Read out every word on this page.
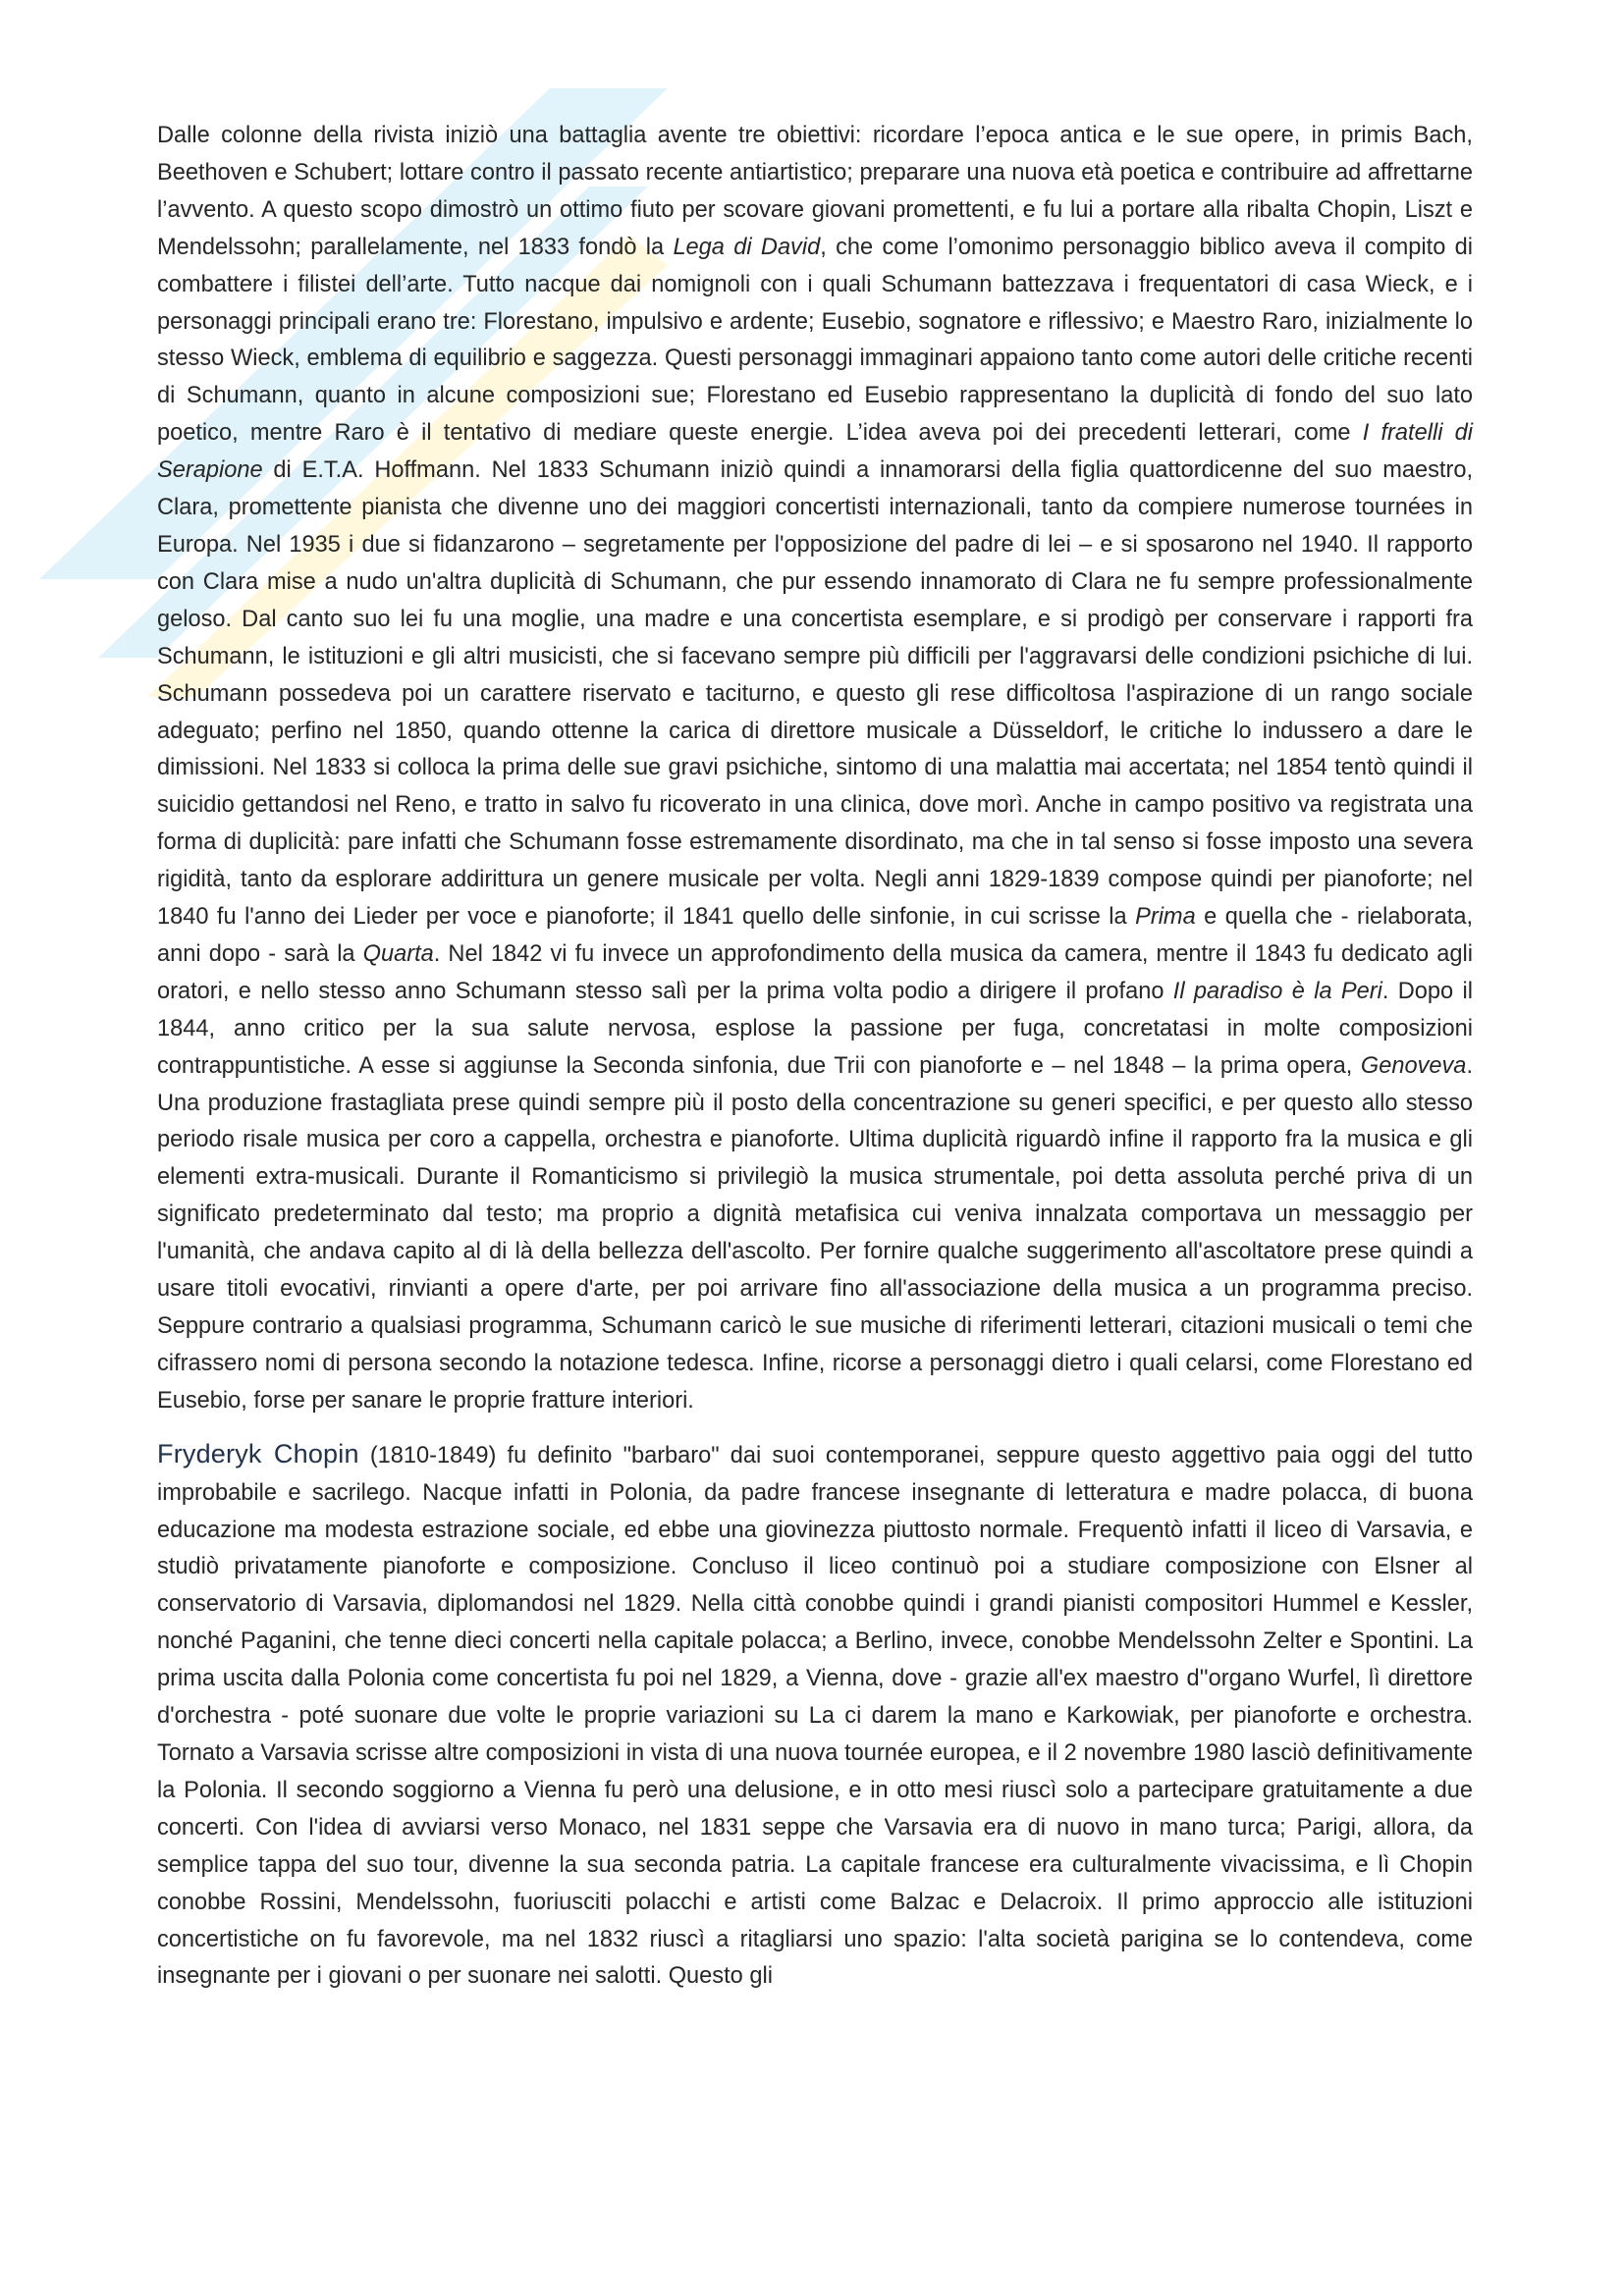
Dalle colonne della rivista iniziò una battaglia avente tre obiettivi: ricordare l’epoca antica e le sue opere, in primis Bach, Beethoven e Schubert; lottare contro il passato recente antiartistico; preparare una nuova età poetica e contribuire ad affrettarne l’avvento. A questo scopo dimostrò un ottimo fiuto per scovare giovani promettenti, e fu lui a portare alla ribalta Chopin, Liszt e Mendelssohn; parallelamente, nel 1833 fondò la Lega di David, che come l’omonimo personaggio biblico aveva il compito di combattere i filistei dell’arte. Tutto nacque dai nomignoli con i quali Schumann battezzava i frequentatori di casa Wieck, e i personaggi principali erano tre: Florestano, impulsivo e ardente; Eusebio, sognatore e riflessivo; e Maestro Raro, inizialmente lo stesso Wieck, emblema di equilibrio e saggezza. Questi personaggi immaginari appaiono tanto come autori delle critiche recenti di Schumann, quanto in alcune composizioni sue; Florestano ed Eusebio rappresentano la duplicità di fondo del suo lato poetico, mentre Raro è il tentativo di mediare queste energie. L’idea aveva poi dei precedenti letterari, come I fratelli di Serapione di E.T.A. Hoffmann. Nel 1833 Schumann iniziò quindi a innamorarsi della figlia quattordicenne del suo maestro, Clara, promettente pianista che divenne uno dei maggiori concertisti internazionali, tanto da compiere numerose tournées in Europa. Nel 1935 i due si fidanzarono – segretamente per l'opposizione del padre di lei – e si sposarono nel 1940. Il rapporto con Clara mise a nudo un'altra duplicità di Schumann, che pur essendo innamorato di Clara ne fu sempre professionalmente geloso. Dal canto suo lei fu una moglie, una madre e una concertista esemplare, e si prodigò per conservare i rapporti fra Schumann, le istituzioni e gli altri musicisti, che si facevano sempre più difficili per l'aggravarsi delle condizioni psichiche di lui. Schumann possedeva poi un carattere riservato e taciturno, e questo gli rese difficoltosa l'aspirazione di un rango sociale adeguato; perfino nel 1850, quando ottenne la carica di direttore musicale a Düsseldorf, le critiche lo indussero a dare le dimissioni. Nel 1833 si colloca la prima delle sue gravi psichiche, sintomo di una malattia mai accertata; nel 1854 tentò quindi il suicidio gettandosi nel Reno, e tratto in salvo fu ricoverato in una clinica, dove morì. Anche in campo positivo va registrata una forma di duplicità: pare infatti che Schumann fosse estremamente disordinato, ma che in tal senso si fosse imposto una severa rigidità, tanto da esplorare addirittura un genere musicale per volta. Negli anni 1829-1839 compose quindi per pianoforte; nel 1840 fu l'anno dei Lieder per voce e pianoforte; il 1841 quello delle sinfonie, in cui scrisse la Prima e quella che - rielaborata, anni dopo - sarà la Quarta. Nel 1842 vi fu invece un approfondimento della musica da camera, mentre il 1843 fu dedicato agli oratori, e nello stesso anno Schumann stesso salì per la prima volta podio a dirigere il profano Il paradiso è la Peri. Dopo il 1844, anno critico per la sua salute nervosa, esplose la passione per fuga, concretatasi in molte composizioni contrappuntistiche. A esse si aggiunse la Seconda sinfonia, due Trii con pianoforte e – nel 1848 – la prima opera, Genoveva. Una produzione frastagliata prese quindi sempre più il posto della concentrazione su generi specifici, e per questo allo stesso periodo risale musica per coro a cappella, orchestra e pianoforte. Ultima duplicità riguardò infine il rapporto fra la musica e gli elementi extra-musicali. Durante il Romanticismo si privilegiò la musica strumentale, poi detta assoluta perché priva di un significato predeterminato dal testo; ma proprio a dignità metafisica cui veniva innalzata comportava un messaggio per l'umanità, che andava capito al di là della bellezza dell'ascolto. Per fornire qualche suggerimento all'ascoltatore prese quindi a usare titoli evocativi, rinvianti a opere d'arte, per poi arrivare fino all'associazione della musica a un programma preciso. Seppure contrario a qualsiasi programma, Schumann caricò le sue musiche di riferimenti letterari, citazioni musicali o temi che cifrassero nomi di persona secondo la notazione tedesca. Infine, ricorse a personaggi dietro i quali celarsi, come Florestano ed Eusebio, forse per sanare le proprie fratture interiori.

Fryderyk Chopin (1810-1849) fu definito "barbaro" dai suoi contemporanei, seppure questo aggettivo paia oggi del tutto improbabile e sacrilego. Nacque infatti in Polonia, da padre francese insegnante di letteratura e madre polacca, di buona educazione ma modesta estrazione sociale, ed ebbe una giovinezza piuttosto normale. Frequentò infatti il liceo di Varsavia, e studiò privatamente pianoforte e composizione. Concluso il liceo continuò poi a studiare composizione con Elsner al conservatorio di Varsavia, diplomandosi nel 1829. Nella città conobbe quindi i grandi pianisti compositori Hummel e Kessler, nonché Paganini, che tenne dieci concerti nella capitale polacca; a Berlino, invece, conobbe Mendelssohn Zelter e Spontini. La prima uscita dalla Polonia come concertista fu poi nel 1829, a Vienna, dove - grazie all'ex maestro d''organo Wurfel, lì direttore d'orchestra - poté suonare due volte le proprie variazioni su La ci darem la mano e Karkowiak, per pianoforte e orchestra. Tornato a Varsavia scrisse altre composizioni in vista di una nuova tournée europea, e il 2 novembre 1980 lasciò definitivamente la Polonia. Il secondo soggiorno a Vienna fu però una delusione, e in otto mesi riuscì solo a partecipare gratuitamente a due concerti. Con l'idea di avviarsi verso Monaco, nel 1831 seppe che Varsavia era di nuovo in mano turca; Parigi, allora, da semplice tappa del suo tour, divenne la sua seconda patria. La capitale francese era culturalmente vivacissima, e lì Chopin conobbe Rossini, Mendelssohn, fuoriusciti polacchi e artisti come Balzac e Delacroix. Il primo approccio alle istituzioni concertistiche on fu favorevole, ma nel 1832 riuscì a ritagliarsi uno spazio: l'alta società parigina se lo contendeva, come insegnante per i giovani o per suonare nei salotti. Questo gli
